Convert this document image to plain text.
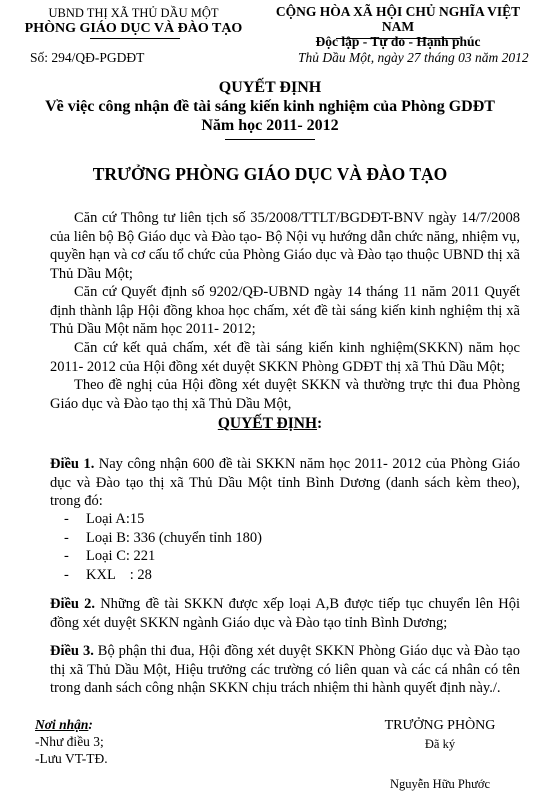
UBND THỊ XÃ THỦ DẦU MỘT
PHÒNG GIÁO DỤC VÀ ĐÀO TẠO
CỘNG HÒA XÃ HỘI CHỦ NGHĨA VIỆT NAM
Độc lập - Tự do - Hạnh phúc
Số: 294/QĐ-PGDĐT	Thủ Dầu Một, ngày 27 tháng 03 năm 2012
QUYẾT ĐỊNH
Về việc công nhận đề tài sáng kiến kinh nghiệm của Phòng GDĐT
Năm học 2011- 2012
TRƯỞNG PHÒNG GIÁO DỤC VÀ ĐÀO TẠO
Căn cứ Thông tư liên tịch số 35/2008/TTLT/BGDĐT-BNV ngày 14/7/2008 của liên bộ Bộ Giáo dục và Đào tạo- Bộ Nội vụ hướng dẫn chức năng, nhiệm vụ, quyền hạn và cơ cấu tổ chức của Phòng Giáo dục và Đào tạo thuộc UBND thị xã Thủ Dầu Một;
Căn cứ Quyết định số 9202/QĐ-UBND ngày 14 tháng 11 năm 2011 Quyết định thành lập Hội đồng khoa học chấm, xét đề tài sáng kiến kinh nghiệm thị xã Thủ Dầu Một năm học 2011- 2012;
Căn cứ kết quả chấm, xét đề tài sáng kiến kinh nghiệm(SKKN) năm học 2011- 2012 của Hội đồng xét duyệt SKKN Phòng GDĐT thị xã Thủ Dầu Một;
Theo đề nghị của Hội đồng xét duyệt SKKN và thường trực thi đua Phòng Giáo dục và Đào tạo thị xã Thủ Dầu Một,
QUYẾT ĐỊNH:
Điều 1. Nay công nhận 600 đề tài SKKN năm học 2011- 2012 của Phòng Giáo dục và Đào tạo thị xã Thủ Dầu Một tỉnh Bình Dương (danh sách kèm theo), trong đó:
-	Loại A:15
-	Loại B: 336 (chuyển tỉnh 180)
-	Loại C: 221
-	KXL    : 28
Điều 2. Những đề tài SKKN được xếp loại A,B được tiếp tục chuyển lên Hội đồng xét duyệt SKKN ngành Giáo dục và Đào tạo tỉnh Bình Dương;
Điều 3. Bộ phận thi đua, Hội đồng xét duyệt SKKN Phòng Giáo dục và Đào tạo thị xã Thủ Dầu Một, Hiệu trưởng các trường có liên quan và các cá nhân có tên trong danh sách công nhận SKKN chịu trách nhiệm thi hành quyết định này./.
Nơi nhận:
-Như điều 3;
-Lưu VT-TĐ.
TRƯỞNG PHÒNG
Đã ký
Nguyễn Hữu Phước
